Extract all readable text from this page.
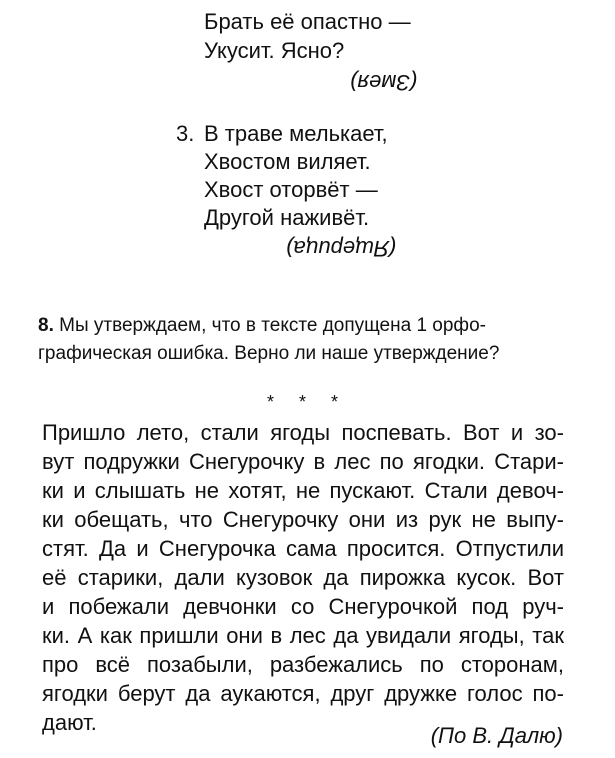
Брать её опастно —
Укусит. Ясно?
(Змея)
3. В траве мелькает,
Хвостом виляет.
Хвост оторвёт —
Другой наживёт.
(Ящерица)
8. Мы утверждаем, что в тексте допущена 1 орфо-
графическая ошибка. Верно ли наше утверждение?
* * *
Пришло лето, стали ягоды поспевать. Вот и зо-
вут подружки Снегурочку в лес по ягодки. Стари-
ки и слышать не хотят, не пускают. Стали девоч-
ки обещать, что Снегурочку они из рук не выпу-
стят. Да и Снегурочка сама просится. Отпустили
её старики, дали кузовок да пирожка кусок. Вот
и побежали девчонки со Снегурочкой под руч-
ки. А как пришли они в лес да увидали ягоды, так
про всё позабыли, разбежались по сторонам,
ягодки берут да аукаются, друг дружке голос по-
дают.
(По В. Далю)
